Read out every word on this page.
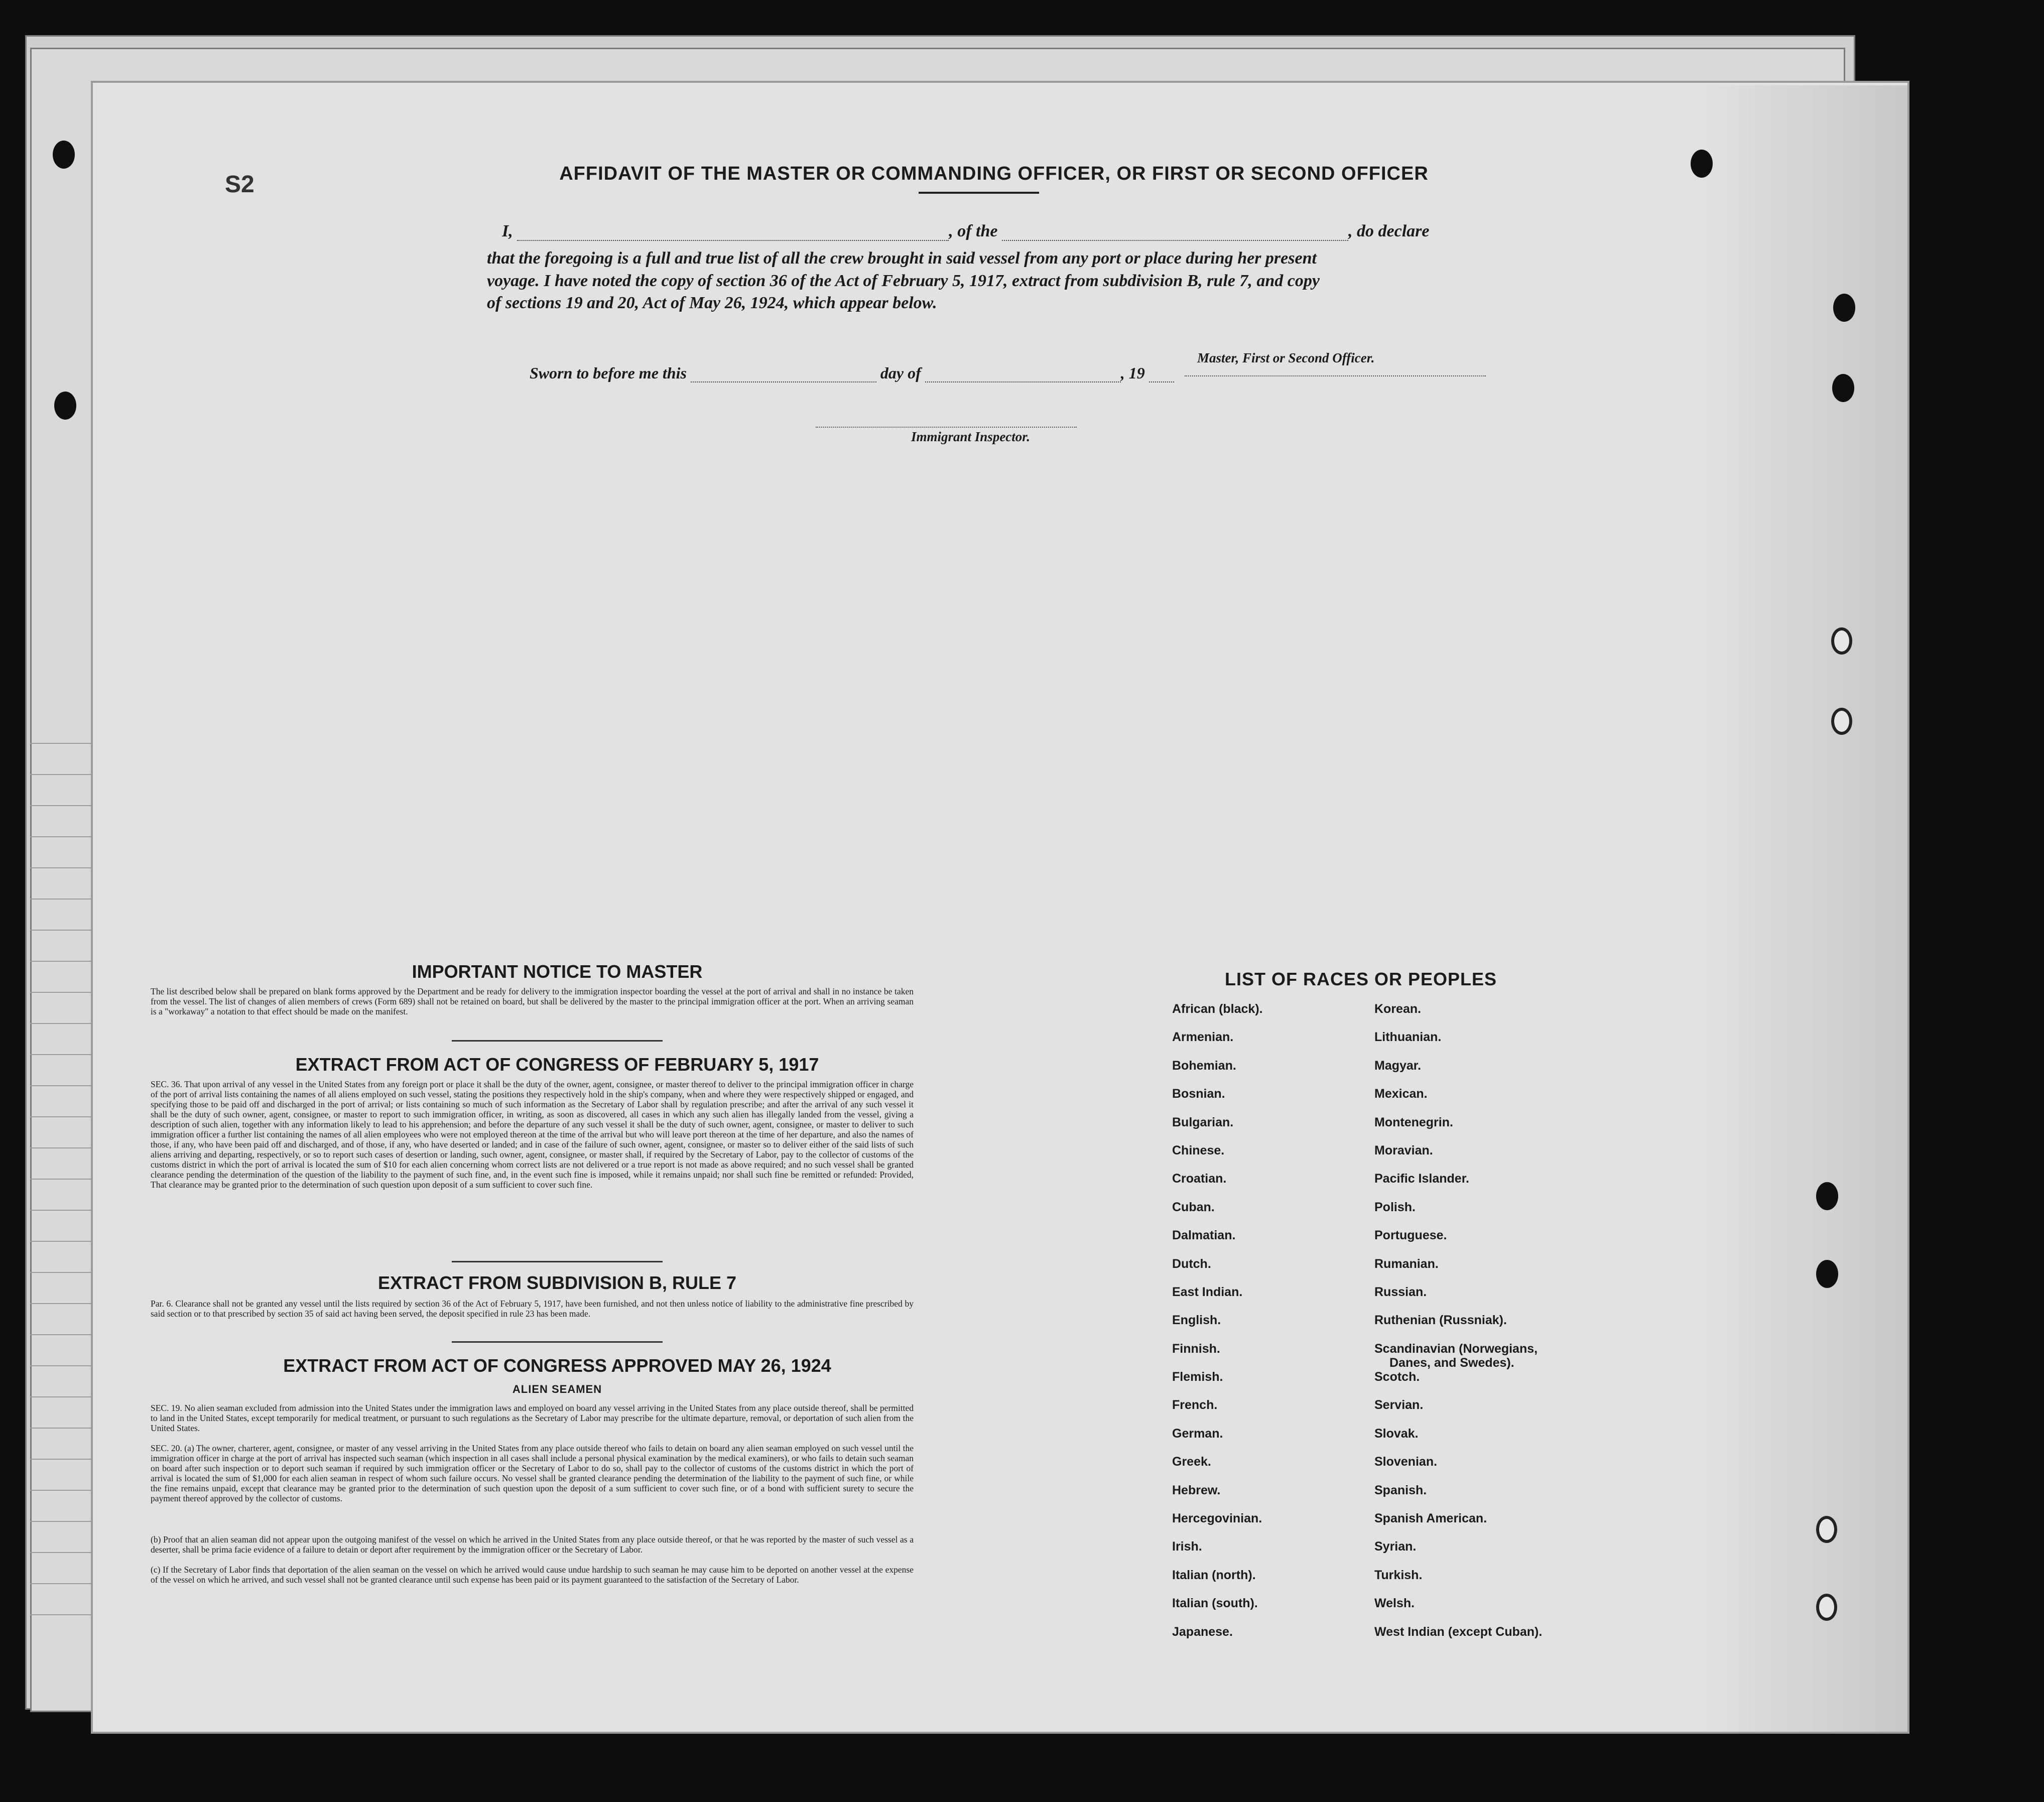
S2	AFFIDAVIT OF THE MASTER OR COMMANDING OFFICER, OR FIRST OR SECOND OFFICER
I,	, of the	, do declare
that the foregoing is a full and true list of all the crew brought in said vessel from any port or place during her present
voyage. I have noted the copy of section 36 of the Act of February 5, 1917, extract from subdivision B, rule 7, and copy
of sections 19 and 20, Act of May 26, 1924, which appear below.
Master, First or Second Officer.
Sworn to before me this	day of	, 19
Immigrant Inspector.
IMPORTANT NOTICE TO MASTER
The list described below shall be prepared on blank forms approved by the Department and be ready for delivery to the immigration inspector boarding the vessel at the port of arrival and shall in no instance be taken from the vessel. The list of changes of alien members of crews (Form 689) shall not be retained on board, but shall be delivered by the master to the principal immigration officer at the port. When an arriving seaman is a "workaway" a notation to that effect should be made on the manifest.
EXTRACT FROM ACT OF CONGRESS OF FEBRUARY 5, 1917
SEC. 36. That upon arrival of any vessel in the United States from any foreign port or place it shall be the duty of the owner, agent, consignee, or master thereof to deliver to the principal immigration officer in charge of the port of arrival lists containing the names of all aliens employed on such vessel, stating the positions they respectively hold in the ship's company, when and where they were respectively shipped or engaged, and specifying those to be paid off and discharged in the port of arrival; or lists containing so much of such information as the Secretary of Labor shall by regulation prescribe; and after the arrival of any such vessel it shall be the duty of such owner, agent, consignee, or master to report to such immigration officer, in writing, as soon as discovered, all cases in which any such alien has illegally landed from the vessel, giving a description of such alien, together with any information likely to lead to his apprehension; and before the departure of any such vessel it shall be the duty of such owner, agent, consignee, or master to deliver to such immigration officer a further list containing the names of all alien employees who were not employed thereon at the time of the arrival but who will leave port thereon at the time of her departure, and also the names of those, if any, who have been paid off and discharged, and of those, if any, who have deserted or landed; and in case of the failure of such owner, agent, consignee, or master so to deliver either of the said lists of such aliens arriving and departing, respectively, or so to report such cases of desertion or landing, such owner, agent, consignee, or master shall, if required by the Secretary of Labor, pay to the collector of customs of the customs district in which the port of arrival is located the sum of $10 for each alien concerning whom correct lists are not delivered or a true report is not made as above required; and no such vessel shall be granted clearance pending the determination of the question of the liability to the payment of such fine, and, in the event such fine is imposed, while it remains unpaid; nor shall such fine be remitted or refunded: Provided, That clearance may be granted prior to the determination of such question upon deposit of a sum sufficient to cover such fine.
EXTRACT FROM SUBDIVISION B, RULE 7
Par. 6. Clearance shall not be granted any vessel until the lists required by section 36 of the Act of February 5, 1917, have been furnished, and not then unless notice of liability to the administrative fine prescribed by said section or to that prescribed by section 35 of said act having been served, the deposit specified in rule 23 has been made.
EXTRACT FROM ACT OF CONGRESS APPROVED MAY 26, 1924
ALIEN SEAMEN
SEC. 19. No alien seaman excluded from admission into the United States under the immigration laws and employed on board any vessel arriving in the United States from any place outside thereof, shall be permitted to land in the United States, except temporarily for medical treatment, or pursuant to such regulations as the Secretary of Labor may prescribe for the ultimate departure, removal, or deportation of such alien from the United States.
SEC. 20. (a) The owner, charterer, agent, consignee, or master of any vessel arriving in the United States from any place outside thereof who fails to detain on board any alien seaman employed on such vessel until the immigration officer in charge at the port of arrival has inspected such seaman (which inspection in all cases shall include a personal physical examination by the medical examiners), or who fails to detain such seaman on board after such inspection or to deport such seaman if required by such immigration officer or the Secretary of Labor to do so, shall pay to the collector of customs of the customs district in which the port of arrival is located the sum of $1,000 for each alien seaman in respect of whom such failure occurs. No vessel shall be granted clearance pending the determination of the liability to the payment of such fine, or while the fine remains unpaid, except that clearance may be granted prior to the determination of such question upon the deposit of a sum sufficient to cover such fine, or of a bond with sufficient surety to secure the payment thereof approved by the collector of customs.
(b) Proof that an alien seaman did not appear upon the outgoing manifest of the vessel on which he arrived in the United States from any place outside thereof, or that he was reported by the master of such vessel as a deserter, shall be prima facie evidence of a failure to detain or deport after requirement by the immigration officer or the Secretary of Labor.
(c) If the Secretary of Labor finds that deportation of the alien seaman on the vessel on which he arrived would cause undue hardship to such seaman he may cause him to be deported on another vessel at the expense of the vessel on which he arrived, and such vessel shall not be granted clearance until such expense has been paid or its payment guaranteed to the satisfaction of the Secretary of Labor.
LIST OF RACES OR PEOPLES
African (black).
Armenian.
Bohemian.
Bosnian.
Bulgarian.
Chinese.
Croatian.
Cuban.
Dalmatian.
Dutch.
East Indian.
English.
Finnish.
Flemish.
French.
German.
Greek.
Hebrew.
Hercegovinian.
Irish.
Italian (north).
Italian (south).
Japanese.
Korean.
Lithuanian.
Magyar.
Mexican.
Montenegrin.
Moravian.
Pacific Islander.
Polish.
Portuguese.
Rumanian.
Russian.
Ruthenian (Russniak).
Scandinavian (Norwegians,
Danes, and Swedes).
Scotch.
Servian.
Slovak.
Slovenian.
Spanish.
Spanish American.
Syrian.
Turkish.
Welsh.
West Indian (except Cuban).
